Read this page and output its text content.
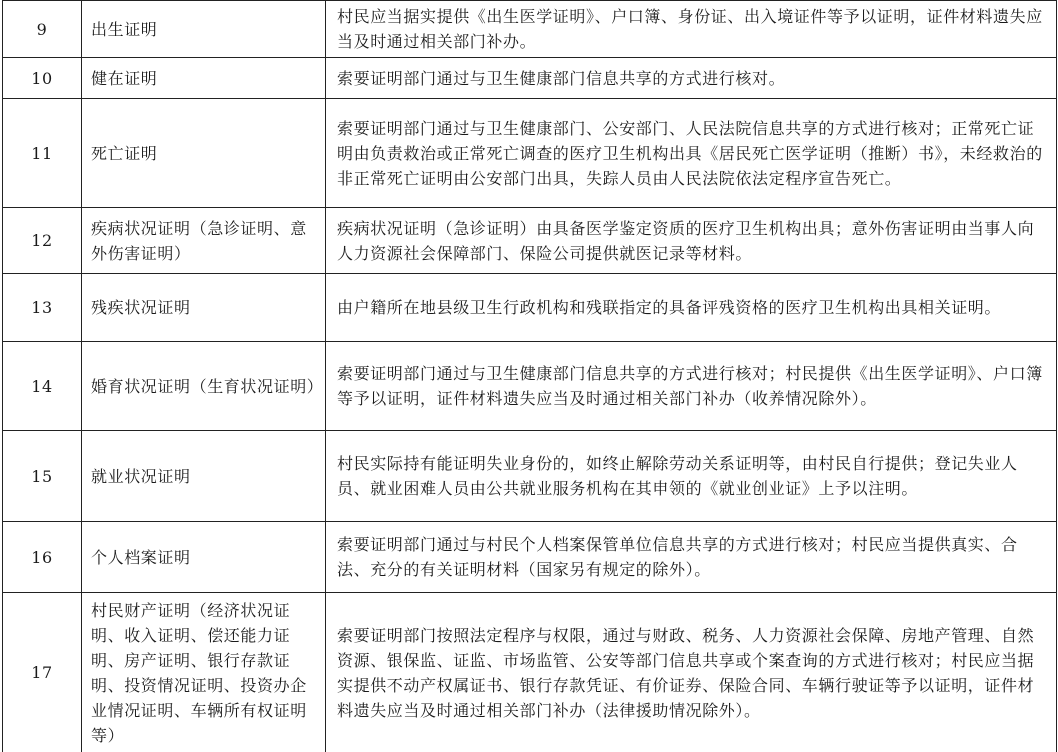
9	出生证明	村民应当据实提供《出生医学证明》、户口簿、身份证、出入境证件等予以证明，证件材料遗失应当及时通过相关部门补办。
10	健在证明	索要证明部门通过与卫生健康部门信息共享的方式进行核对。
11	死亡证明	索要证明部门通过与卫生健康部门、公安部门、人民法院信息共享的方式进行核对；正常死亡证明由负责救治或正常死亡调查的医疗卫生机构出具《居民死亡医学证明（推断）书》，未经救治的非正常死亡证明由公安部门出具，失踪人员由人民法院依法定程序宣告死亡。
12	疾病状况证明（急诊证明、意外伤害证明）	疾病状况证明（急诊证明）由具备医学鉴定资质的医疗卫生机构出具；意外伤害证明由当事人向人力资源社会保障部门、保险公司提供就医记录等材料。
13	残疾状况证明	由户籍所在地县级卫生行政机构和残联指定的具备评残资格的医疗卫生机构出具相关证明。
14	婚育状况证明（生育状况证明）	索要证明部门通过与卫生健康部门信息共享的方式进行核对；村民提供《出生医学证明》、户口簿等予以证明，证件材料遗失应当及时通过相关部门补办（收养情况除外）。
15	就业状况证明	村民实际持有能证明失业身份的，如终止解除劳动关系证明等，由村民自行提供；登记失业人员、就业困难人员由公共就业服务机构在其申领的《就业创业证》上予以注明。
16	个人档案证明	索要证明部门通过与村民个人档案保管单位信息共享的方式进行核对；村民应当提供真实、合法、充分的有关证明材料（国家另有规定的除外）。
17	村民财产证明（经济状况证明、收入证明、偿还能力证明、房产证明、银行存款证明、投资情况证明、投资办企业情况证明、车辆所有权证明等）	索要证明部门按照法定程序与权限，通过与财政、税务、人力资源社会保障、房地产管理、自然资源、银保监、证监、市场监管、公安等部门信息共享或个案查询的方式进行核对；村民应当据实提供不动产权属证书、银行存款凭证、有价证券、保险合同、车辆行驶证等予以证明，证件材料遗失应当及时通过相关部门补办（法律援助情况除外）。
